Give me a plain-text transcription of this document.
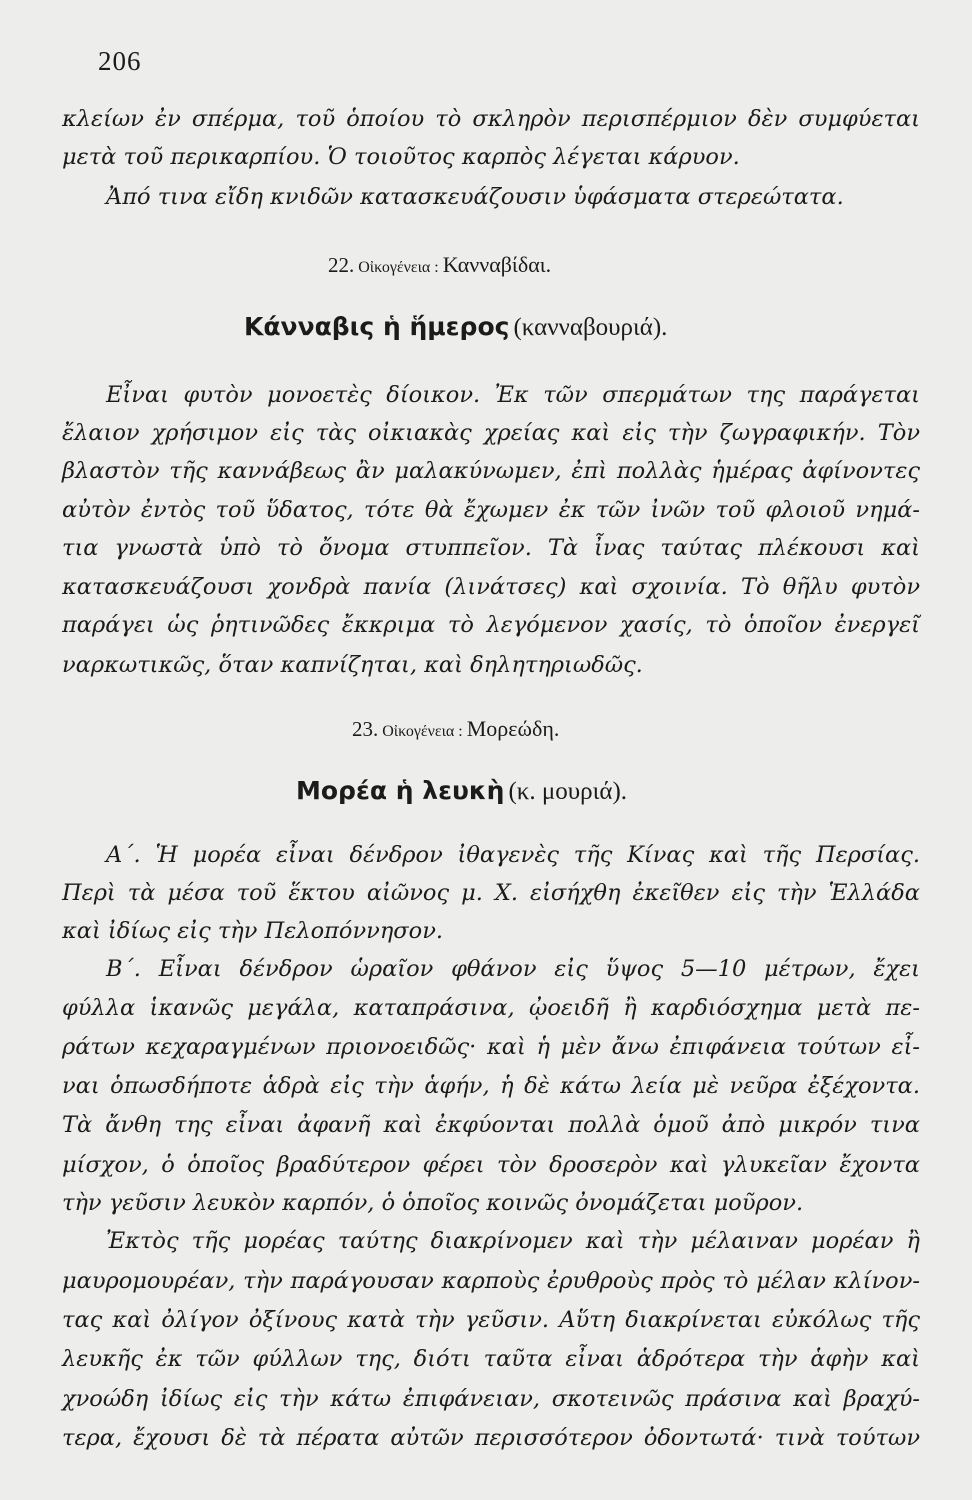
206
κλείων ἐν σπέρμα, τοῦ ὁποίου τὸ σκληρὸν περισπέρμιον δὲν συμφύεται
μετὰ τοῦ περικαρπίου. Ὁ τοιοῦτος καρπὸς λέγεται κάρυον.
Ἀπό τινα εἴδη κνιδῶν κατασκευάζουσιν ὑφάσματα στερεώτατα.
22. Οἰκογένεια : Κανναβίδαι.
Κάνναβις ἡ ἥμερος (κανναβουριά).
Εἶναι φυτὸν μονοετὲς δίοικον. Ἐκ τῶν σπερμάτων της παράγεται
ἔλαιον χρήσιμον εἰς τὰς οἰκιακὰς χρείας καὶ εἰς τὴν ζωγραφικήν. Τὸν
βλαστὸν τῆς καννάβεως ἂν μαλακύνωμεν, ἐπὶ πολλὰς ἡμέρας ἀφίνοντες
αὐτὸν ἐντὸς τοῦ ὕδατος, τότε θὰ ἔχωμεν ἐκ τῶν ἰνῶν τοῦ φλοιοῦ νημά-
τια γνωστὰ ὑπὸ τὸ ὄνομα στυππεῖον. Τὰ ἶνας ταύτας πλέκουσι καὶ
κατασκευάζουσι χονδρὰ πανία (λινάτσες) καὶ σχοινία. Τὸ θῆλυ φυτὸν
παράγει ὡς ῥητινῶδες ἔκκριμα τὸ λεγόμενον χασίς, τὸ ὁποῖον ἐνεργεῖ
ναρκωτικῶς, ὅταν καπνίζηται, καὶ δηλητηριωδῶς.
23. Οἰκογένεια : Μορεώδη.
Μορέα ἡ λευκὴ (κ. μουριά).
Α΄. Ἡ μορέα εἶναι δένδρον ἰθαγενὲς τῆς Κίνας καὶ τῆς Περσίας.
Περὶ τὰ μέσα τοῦ ἕκτου αἰῶνος μ. Χ. εἰσήχθη ἐκεῖθεν εἰς τὴν Ἑλλάδα
καὶ ἰδίως εἰς τὴν Πελοπόννησον.
Β΄. Εἶναι δένδρον ὡραῖον φθάνον εἰς ὕψος 5—10 μέτρων, ἔχει
φύλλα ἱκανῶς μεγάλα, καταπράσινα, ᾠοειδῆ ἢ καρδιόσχημα μετὰ πε-
ράτων κεχαραγμένων πριονοειδῶς· καὶ ἡ μὲν ἄνω ἐπιφάνεια τούτων εἶ-
ναι ὁπωσδήποτε ἁδρὰ εἰς τὴν ἁφήν, ἡ δὲ κάτω λεία μὲ νεῦρα ἐξέχοντα.
Τὰ ἄνθη της εἶναι ἀφανῆ καὶ ἐκφύονται πολλὰ ὁμοῦ ἀπὸ μικρόν τινα
μίσχον, ὁ ὁποῖος βραδύτερον φέρει τὸν δροσερὸν καὶ γλυκεῖαν ἔχοντα
τὴν γεῦσιν λευκὸν καρπόν, ὁ ὁποῖος κοινῶς ὀνομάζεται μοῦρον.
Ἐκτὸς τῆς μορέας ταύτης διακρίνομεν καὶ τὴν μέλαιναν μορέαν ἢ
μαυρομουρέαν, τὴν παράγουσαν καρποὺς ἐρυθροὺς πρὸς τὸ μέλαν κλίνον-
τας καὶ ὀλίγον ὀξίνους κατὰ τὴν γεῦσιν. Αὕτη διακρίνεται εὐκόλως τῆς
λευκῆς ἐκ τῶν φύλλων της, διότι ταῦτα εἶναι ἁδρότερα τὴν ἁφὴν καὶ
χνοώδη ἰδίως εἰς τὴν κάτω ἐπιφάνειαν, σκοτεινῶς πράσινα καὶ βραχύ-
τερα, ἔχουσι δὲ τὰ πέρατα αὐτῶν περισσότερον ὀδοντωτά· τινὰ τούτων
